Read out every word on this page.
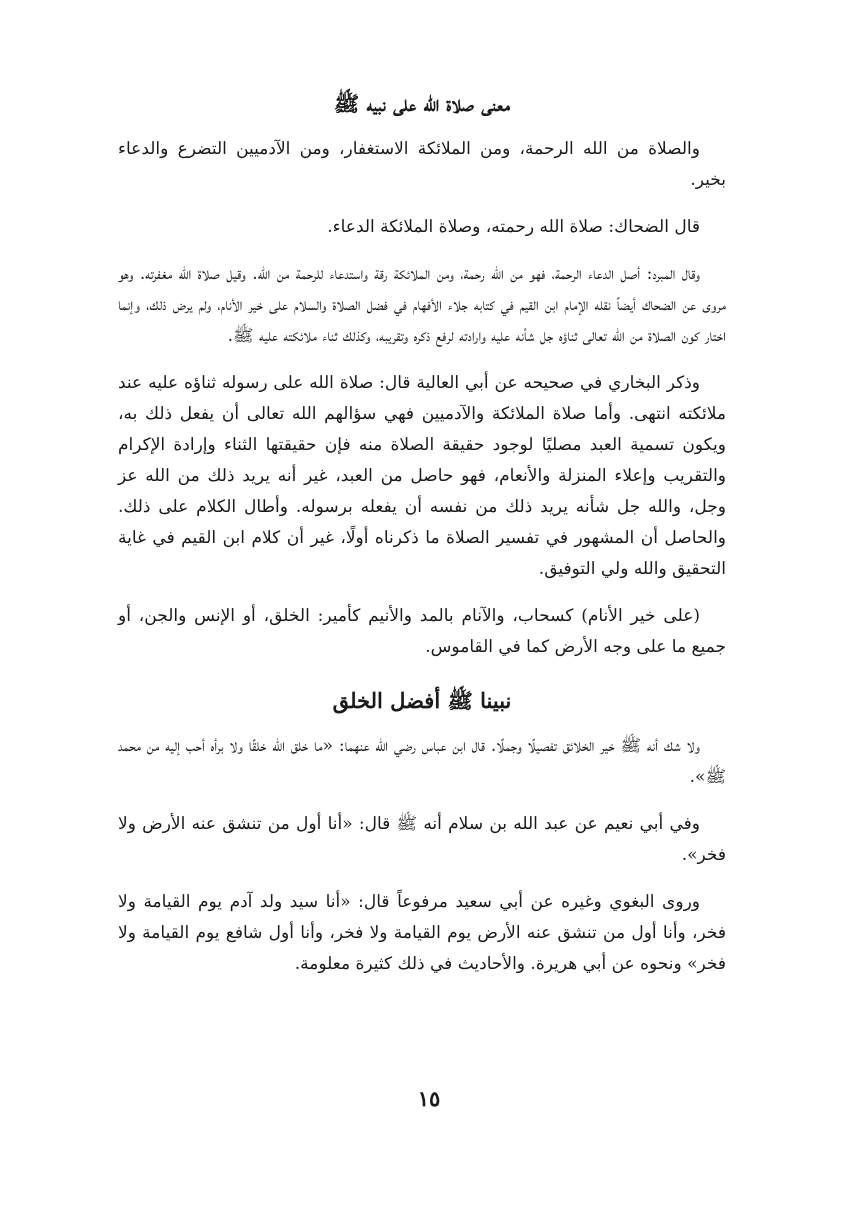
معنى صلاة الله على نبيه ﷺ

والصلاة من الله الرحمة، ومن الملائكة الاستغفار، ومن الآدميين التضرع والدعاء بخير.

قال الضحاك: صلاة الله رحمته، وصلاة الملائكة الدعاء.

وقال المبرد: أصل الدعاء الرحمة، فهو من الله رحمة، ومن الملائكة رقة واستدعاء للرحمة من الله. وقيل صلاة الله مغفرته. وهو مروى عن الضحاك أيضاً نقله الإمام ابن القيم في كتابه جلاء الأفهام في فضل الصلاة والسلام على خير الأنام، ولم يرض ذلك، وإنما اختار كون الصلاة من الله تعالى ثناؤه جل شأنه عليه وارادته لرفع ذكره وتقريبه، وكذلك ثناء ملائكته عليه ﷺ.

وذكر البخاري في صحيحه عن أبي العالية قال: صلاة الله على رسوله ثناؤه عليه عند ملائكته انتهى. وأما صلاة الملائكة والآدميين فهي سؤالهم الله تعالى أن يفعل ذلك به، ويكون تسمية العبد مصليًا لوجود حقيقة الصلاة منه فإن حقيقتها الثناء وإرادة الإكرام والتقريب وإعلاء المنزلة والأنعام، فهو حاصل من العبد، غير أنه يريد ذلك من الله عز وجل، والله جل شأنه يريد ذلك من نفسه أن يفعله برسوله. وأطال الكلام على ذلك. والحاصل أن المشهور في تفسير الصلاة ما ذكرناه أولًا، غير أن كلام ابن القيم في غاية التحقيق والله ولي التوفيق.

(على خير الأنام) كسحاب، والآنام بالمد والأنيم كأمير: الخلق، أو الإنس والجن، أو جميع ما على وجه الأرض كما في القاموس.

نبينا ﷺ أفضل الخلق

ولا شك أنه ﷺ خير الخلائق تفصيلًا وجملًا. قال ابن عباس رضي الله عنهما: «ما خلق الله خلقًا ولا برأه أحب إليه من محمد ﷺ».

وفي أبي نعيم عن عبد الله بن سلام أنه ﷺ قال: «أنا أول من تنشق عنه الأرض ولا فخر».

وروى البغوي وغيره عن أبي سعيد مرفوعاً قال: «أنا سيد ولد آدم يوم القيامة ولا فخر، وأنا أول من تنشق عنه الأرض يوم القيامة ولا فخر، وأنا أول شافع يوم القيامة ولا فخر» ونحوه عن أبي هريرة. والأحاديث في ذلك كثيرة معلومة.

١٥
